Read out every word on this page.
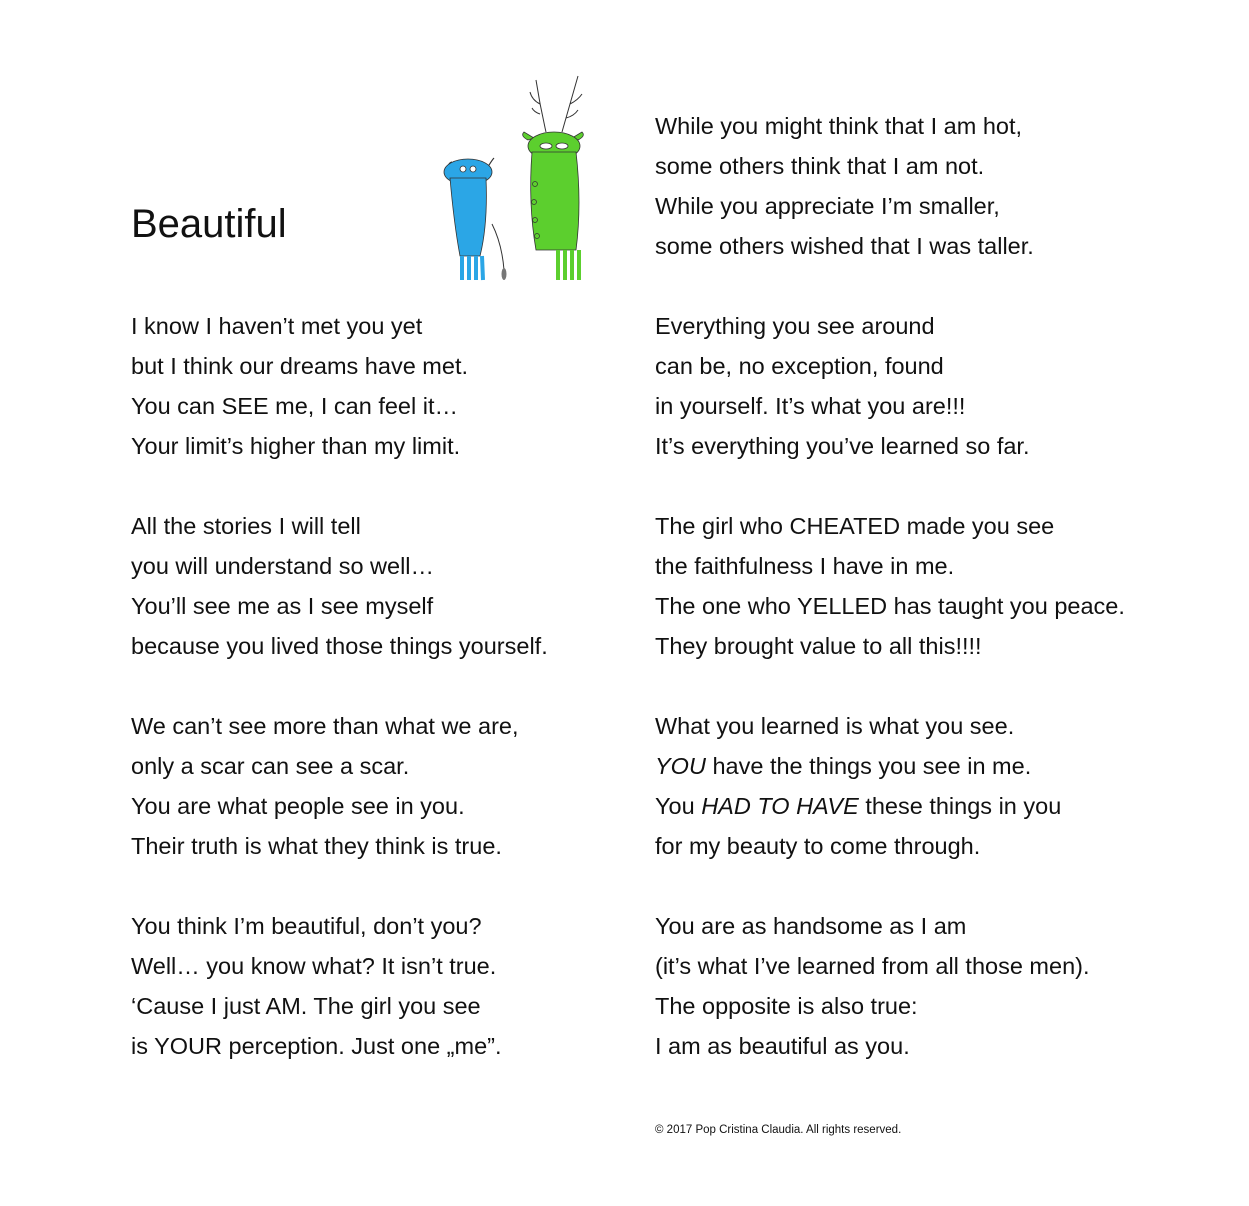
Beautiful
I know I haven’t met you yet
but I think our dreams have met.
You can SEE me, I can feel it…
Your limit’s higher than my limit.
All the stories I will tell
you will understand so well…
You’ll see me as I see myself
because you lived those things yourself.
We can’t see more than what we are,
only a scar can see a scar.
You are what people see in you.
Their truth is what they think is true.
You think I’m beautiful, don’t you?
Well… you know what? It isn’t true.
‘Cause I just AM. The girl you see
is YOUR perception. Just one „me”.
While you might think that I am hot,
some others think that I am not.
While you appreciate I’m smaller,
some others wished that I was taller.
Everything you see around
can be, no exception, found
in yourself. It’s what you are!!!
It’s everything you’ve learned so far.
The girl who CHEATED made you see
the faithfulness I have in me.
The one who YELLED has taught you peace.
They brought value to all this!!!!
What you learned is what you see.
YOU have the things you see in me.
You HAD TO HAVE these things in you
for my beauty to come through.
You are as handsome as I am
(it’s what I’ve learned from all those men).
The opposite is also true:
I am as beautiful as you.
© 2017 Pop Cristina Claudia. All rights reserved.
